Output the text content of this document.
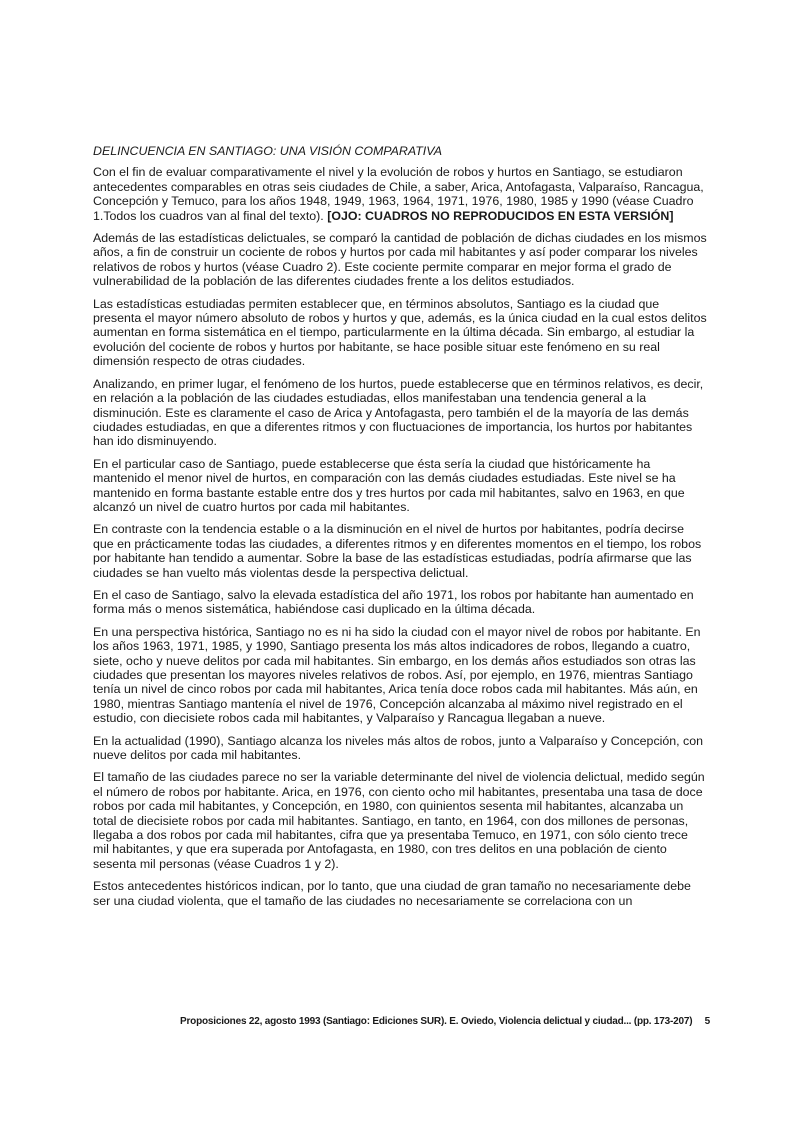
DELINCUENCIA EN SANTIAGO: UNA VISIÓN COMPARATIVA

Con el fin de evaluar comparativamente el nivel y la evolución de robos y hurtos en Santiago, se estudiaron antecedentes comparables en otras seis ciudades de Chile, a saber, Arica, Antofagasta, Valparaíso, Rancagua, Concepción y Temuco, para los años 1948, 1949, 1963, 1964, 1971, 1976, 1980, 1985 y 1990 (véase Cuadro 1.Todos los cuadros van al final del texto). [OJO: CUADROS NO REPRODUCIDOS EN ESTA VERSIÓN]

Además de las estadísticas delictuales, se comparó la cantidad de población de dichas ciudades en los mismos años, a fin de construir un cociente de robos y hurtos por cada mil habitantes y así poder comparar los niveles relativos de robos y hurtos (véase Cuadro 2). Este cociente permite comparar en mejor forma el grado de vulnerabilidad de la población de las diferentes ciudades frente a los delitos estudiados.

Las estadísticas estudiadas permiten establecer que, en términos absolutos, Santiago es la ciudad que presenta el mayor número absoluto de robos y hurtos y que, además, es la única ciudad en la cual estos delitos aumentan en forma sistemática en el tiempo, particularmente en la última década. Sin embargo, al estudiar la evolución del cociente de robos y hurtos por habitante, se hace posible situar este fenómeno en su real dimensión respecto de otras ciudades.

Analizando, en primer lugar, el fenómeno de los hurtos, puede establecerse que en términos relativos, es decir, en relación a la población de las ciudades estudiadas, ellos manifestaban una tendencia general a la disminución. Este es claramente el caso de Arica y Antofagasta, pero también el de la mayoría de las demás ciudades estudiadas, en que a diferentes ritmos y con fluctuaciones de importancia, los hurtos por habitantes han ido disminuyendo.

En el particular caso de Santiago, puede establecerse que ésta sería la ciudad que históricamente ha mantenido el menor nivel de hurtos, en comparación con las demás ciudades estudiadas. Este nivel se ha mantenido en forma bastante estable entre dos y tres hurtos por cada mil habitantes, salvo en 1963, en que alcanzó un nivel de cuatro hurtos por cada mil habitantes.

En contraste con la tendencia estable o a la disminución en el nivel de hurtos por habitantes, podría decirse que en prácticamente todas las ciudades, a diferentes ritmos y en diferentes momentos en el tiempo, los robos por habitante han tendido a aumentar. Sobre la base de las estadísticas estudiadas, podría afirmarse que las ciudades se han vuelto más violentas desde la perspectiva delictual.

En el caso de Santiago, salvo la elevada estadística del año 1971, los robos por habitante han aumentado en forma más o menos sistemática, habiéndose casi duplicado en la última década.

En una perspectiva histórica, Santiago no es ni ha sido la ciudad con el mayor nivel de robos por habitante. En los años 1963, 1971, 1985, y 1990, Santiago presenta los más altos indicadores de robos, llegando a cuatro, siete, ocho y nueve delitos por cada mil habitantes. Sin embargo, en los demás años estudiados son otras las ciudades que presentan los mayores niveles relativos de robos. Así, por ejemplo, en 1976, mientras Santiago tenía un nivel de cinco robos por cada mil habitantes, Arica tenía doce robos cada mil habitantes. Más aún, en 1980, mientras Santiago mantenía el nivel de 1976, Concepción alcanzaba al máximo nivel registrado en el estudio, con diecisiete robos cada mil habitantes, y Valparaíso y Rancagua llegaban a nueve.

En la actualidad (1990), Santiago alcanza los niveles más altos de robos, junto a Valparaíso y Concepción, con nueve delitos por cada mil habitantes.

El tamaño de las ciudades parece no ser la variable determinante del nivel de violencia delictual, medido según el número de robos por habitante. Arica, en 1976, con ciento ocho mil habitantes, presentaba una tasa de doce robos por cada mil habitantes, y Concepción, en 1980, con quinientos sesenta mil habitantes, alcanzaba un total de diecisiete robos por cada mil habitantes. Santiago, en tanto, en 1964, con dos millones de personas, llegaba a dos robos por cada mil habitantes, cifra que ya presentaba Temuco, en 1971, con sólo ciento trece mil habitantes, y que era superada por Antofagasta, en 1980, con tres delitos en una población de ciento sesenta mil personas (véase Cuadros 1 y 2).

Estos antecedentes históricos indican, por lo tanto, que una ciudad de gran tamaño no necesariamente debe ser una ciudad violenta, que el tamaño de las ciudades no necesariamente se correlaciona con un

Proposiciones 22, agosto 1993 (Santiago: Ediciones SUR). E. Oviedo, Violencia delictual y ciudad... (pp. 173-207) 5
